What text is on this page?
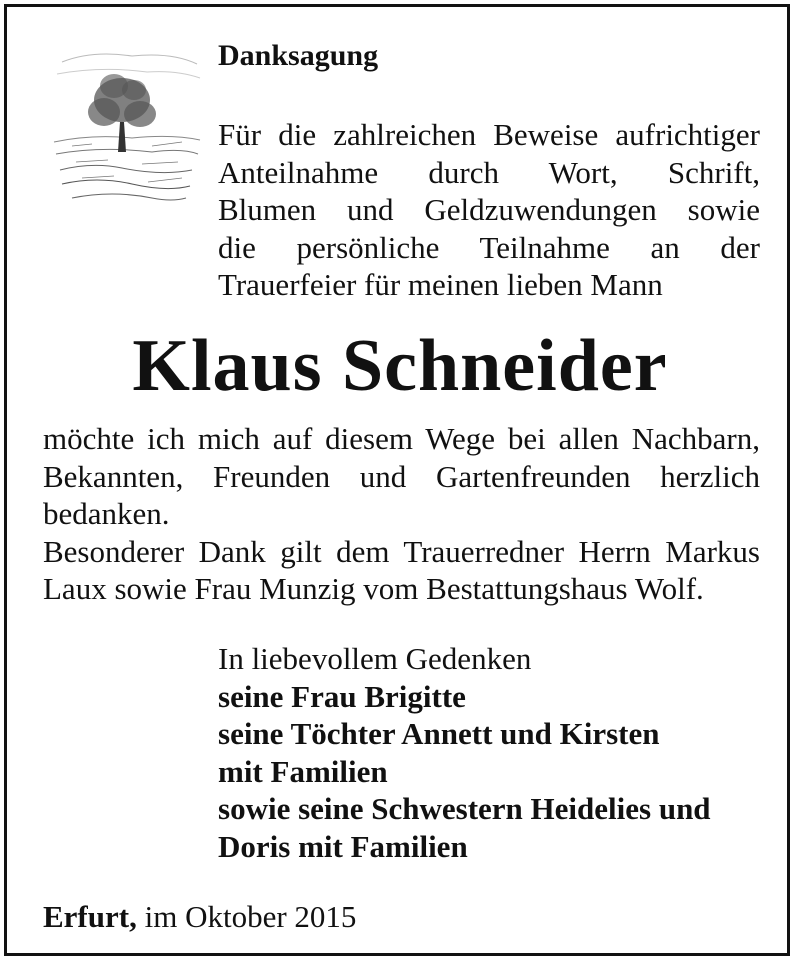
Danksagung

Für die zahlreichen Beweise aufrichtiger
Anteilnahme durch Wort, Schrift,
Blumen und Geldzuwendungen sowie
die persönliche Teilnahme an der
Trauerfeier für meinen lieben Mann

Klaus Schneider

möchte ich mich auf diesem Wege bei allen Nachbarn,
Bekannten, Freunden und Gartenfreunden herzlich
bedanken.
Besonderer Dank gilt dem Trauerredner Herrn Markus
Laux sowie Frau Munzig vom Bestattungshaus Wolf.

In liebevollem Gedenken
seine Frau Brigitte
seine Töchter Annett und Kirsten
mit Familien
sowie seine Schwestern Heidelies und
Doris mit Familien

Erfurt, im Oktober 2015
